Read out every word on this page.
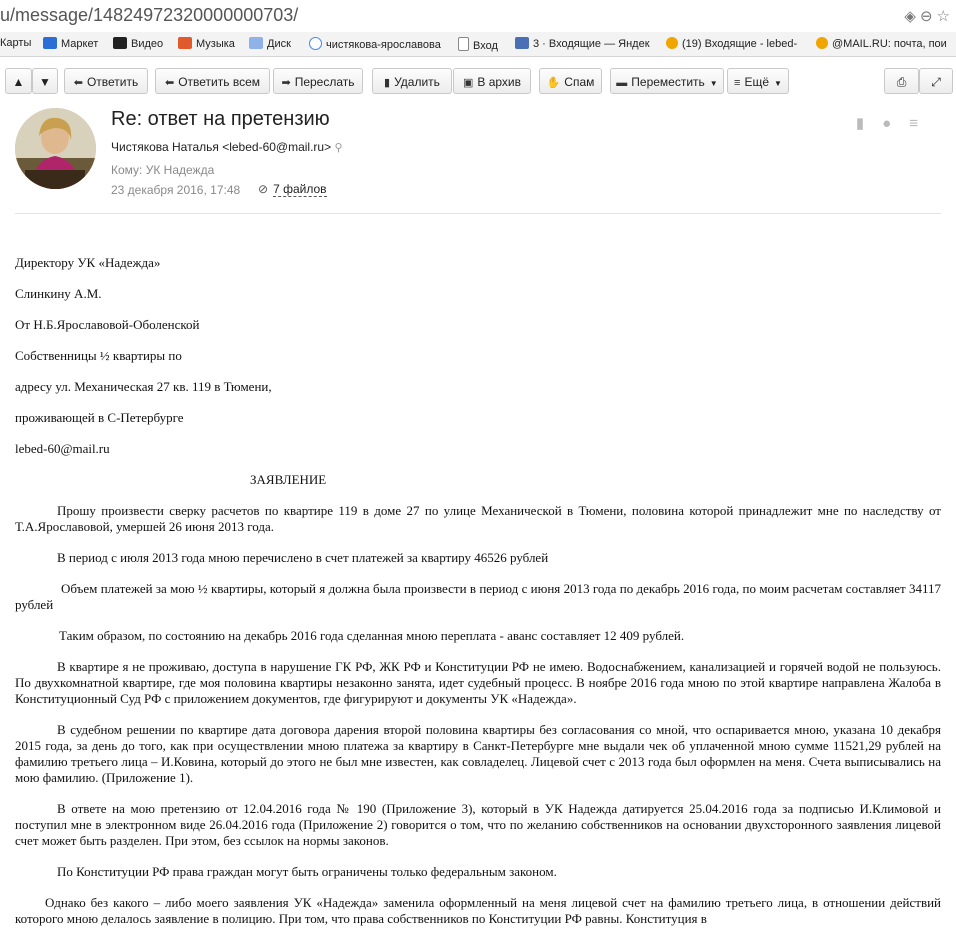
u/message/14824972320000000703/	◈⊖☆
Карты	Маркет	Видео	Музыка	Диск	чистякова-ярославова	Вход	3 · Входящие — Яндек	(19) Входящие - lebed-	@MAIL.RU: почта, пои
▲	▼	⬅ Ответить	⬅ Ответить всем	➡ Переслать	▮ Удалить	▣ В архив	✋ Спам	▬ Переместить ▼	≡ Ещё ▼	⎙	⤢
Re: ответ на претензию
Чистякова Наталья <lebed-60@mail.ru> ⚲
Кому: УК Надежда
23 декабря 2016, 17:48 ⊘ 7 файлов
▮●≡

Директору УК «Надежда»

Слинкину А.М.

От Н.Б.Ярославовой-Оболенской

Собственницы ½ квартиры по

адресу ул. Механическая 27 кв. 119 в Тюмени,

проживающей в С-Петербурге

lebed-60@mail.ru

ЗАЯВЛЕНИЕ

Прошу произвести сверку расчетов по квартире 119 в доме 27 по улице Механической в Тюмени, половина которой принадлежит мне по наследству от Т.А.Ярославовой, умершей 26 июня 2013 года.

В период с июля 2013 года мною перечислено в счет платежей за квартиру 46526 рублей

Объем платежей за мою ½ квартиры, который я должна была произвести в период с июня 2013 года по декабрь 2016 года, по моим расчетам составляет 34117 рублей

Таким образом, по состоянию на декабрь 2016 года сделанная мною переплата - аванс составляет 12 409 рублей.

В квартире я не проживаю, доступа в нарушение ГК РФ, ЖК РФ и Конституции РФ не имею. Водоснабжением, канализацией и горячей водой не пользуюсь. По двухкомнатной квартире, где моя половина квартиры незаконно занята, идет судебный процесс. В ноябре 2016 года мною по этой квартире направлена Жалоба в Конституционный Суд РФ с приложением документов, где фигурируют и документы УК «Надежда».

В судебном решении по квартире дата договора дарения второй половина квартиры без согласования со мной, что оспаривается мною, указана 10 декабря 2015 года, за день до того, как при осуществлении мною платежа за квартиру в Санкт-Петербурге мне выдали чек об уплаченной мною сумме 11521,29 рублей на фамилию третьего лица – И.Ковина, который до этого не был мне известен, как совладелец. Лицевой счет с 2013 года был оформлен на меня. Счета выписывались на мою фамилию. (Приложение 1).

В ответе на мою претензию от 12.04.2016 года № 190 (Приложение 3), который в УК Надежда датируется 25.04.2016 года за подписью И.Климовой и поступил мне в электронном виде 26.04.2016 года (Приложение 2) говорится о том, что по желанию собственников на основании двухсторонного заявления лицевой счет может быть разделен. При этом, без ссылок на нормы законов.

По Конституции РФ права граждан могут быть ограничены только федеральным законом.

Однако без какого – либо моего заявления УК «Надежда» заменила оформленный на меня лицевой счет на фамилию третьего лица, в отношении действий которого мною делалось заявление в полицию. При том, что права собственников по Конституции РФ равны. Конституция в
